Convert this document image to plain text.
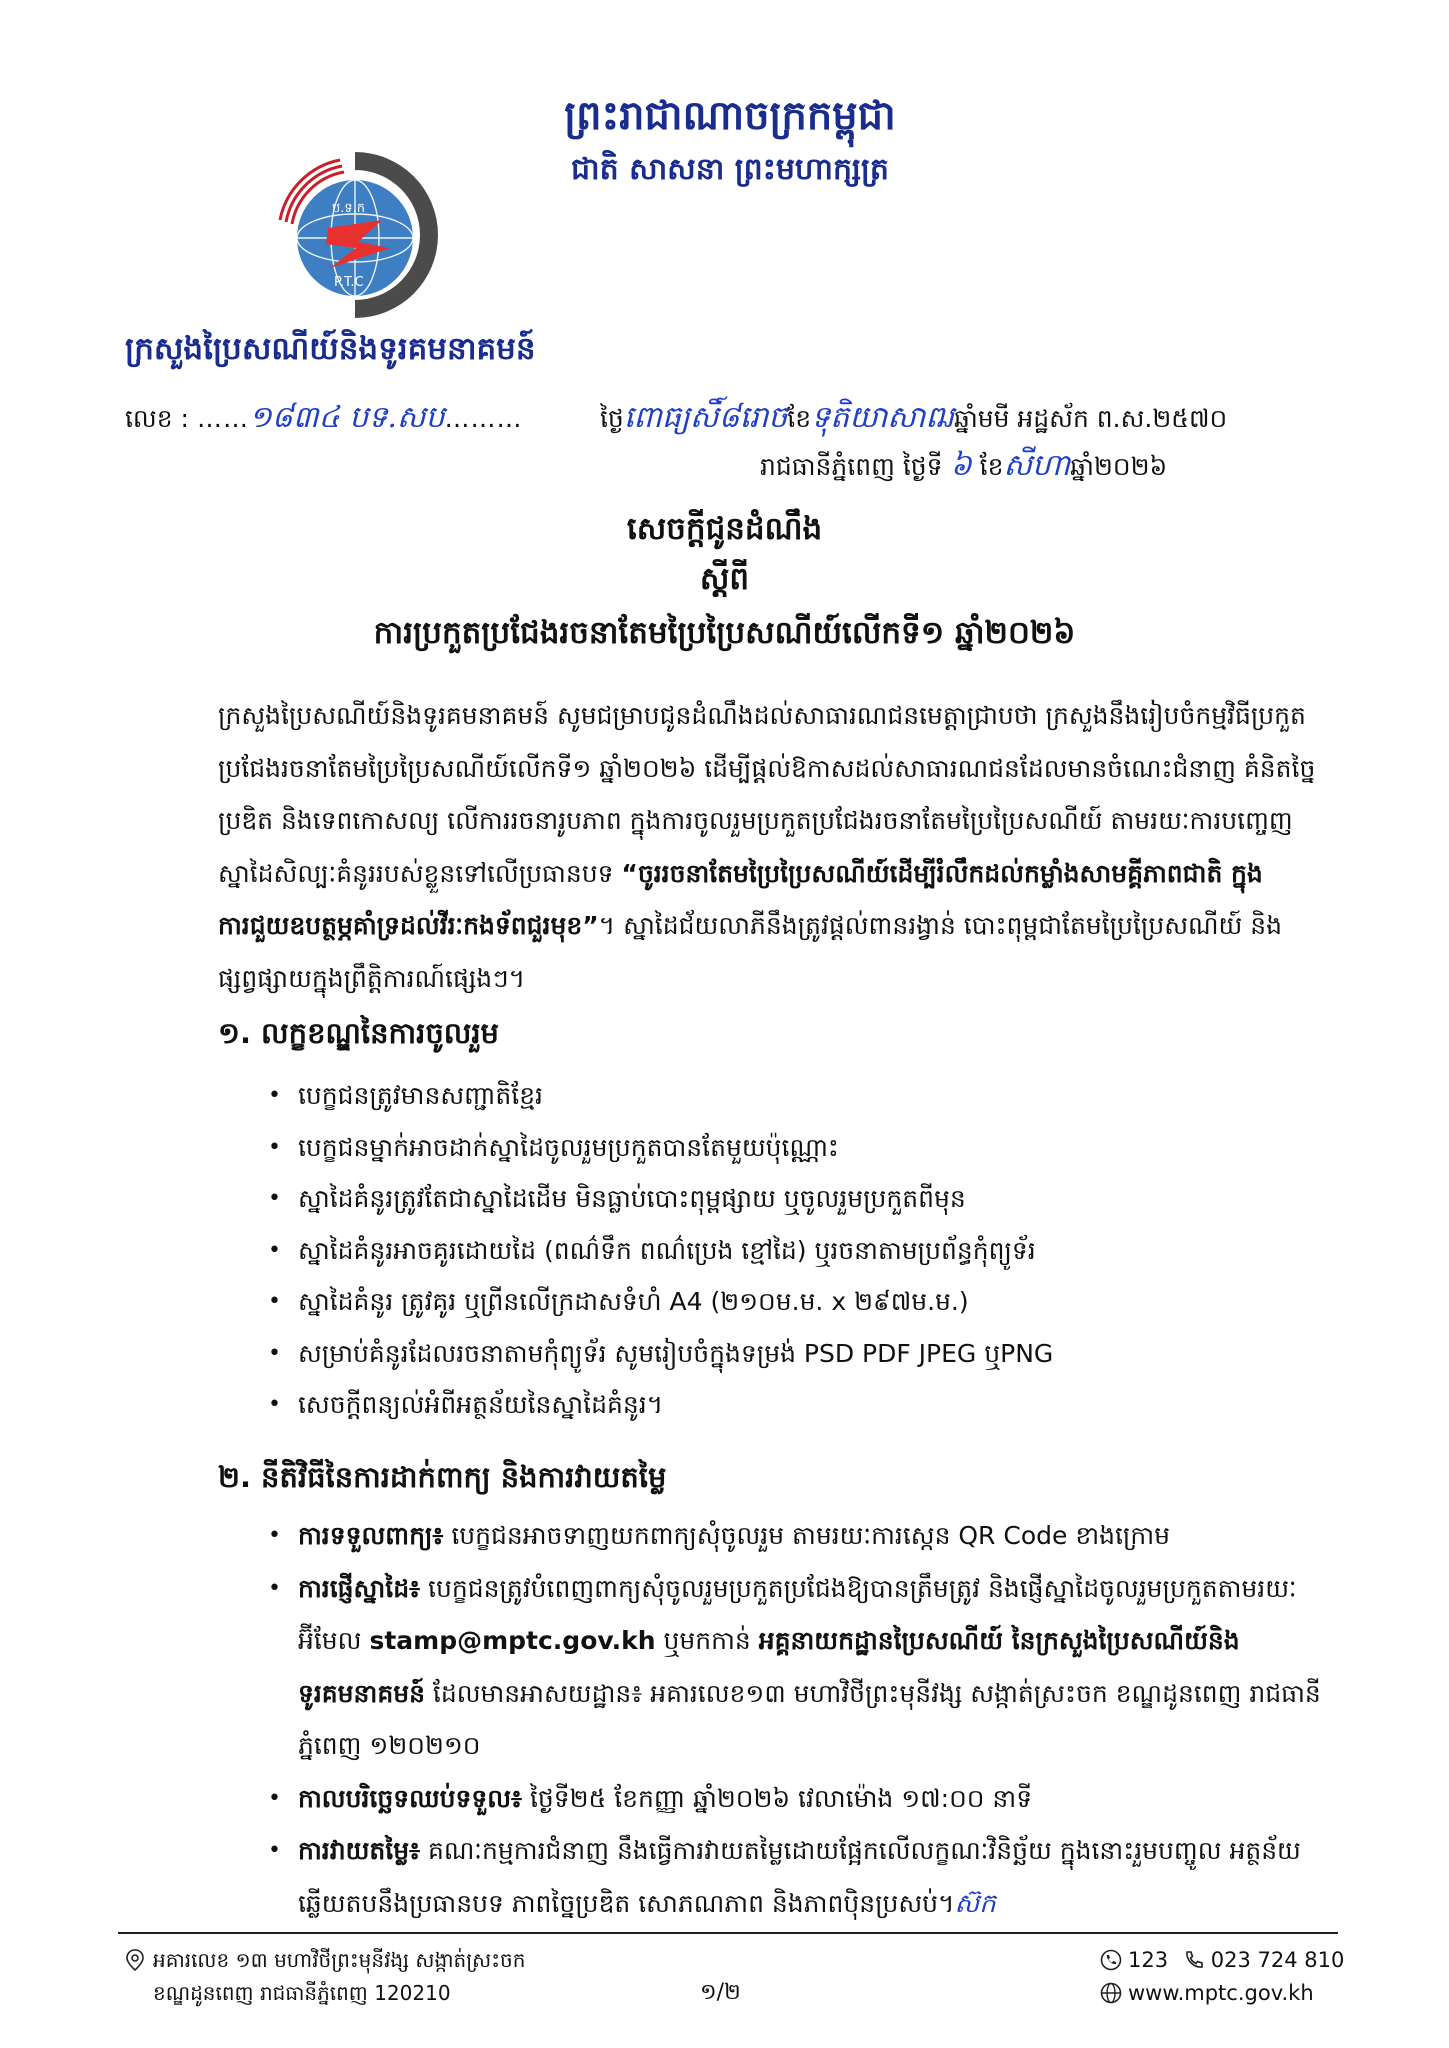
ព្រះរាជាណាចក្រកម្ពុជា
ជាតិ សាសនា ព្រះមហាក្សត្រ
ប.ទ.ក
P.T.C
ក្រសួងប្រៃសណីយ៍និងទូរគមនាគមន៍
លេខ : ……១៨៣៤ បទ.សប………	ថ្ងៃពោធ្យសិ៍៨រោចខែទុតិយាសាឍឆ្នាំមមី អដ្ឋស័ក ព.ស.២៥៧០
រាជធានីភ្នំពេញ ថ្ងៃទី ៦ ខែសីហាឆ្នាំ២០២៦
សេចក្តីជូនដំណឹង
ស្តីពី
ការប្រកួតប្រជែងរចនាតែមប្រៃប្រៃសណីយ៍លើកទី១ ឆ្នាំ២០២៦
ក្រសួងប្រៃសណីយ៍និងទូរគមនាគមន៍ សូមជម្រាបជូនដំណឹងដល់សាធារណជនមេត្តាជ្រាបថា ក្រសួងនឹងរៀបចំកម្មវិធីប្រកួតប្រជែងរចនាតែមប្រៃប្រៃសណីយ៍លើកទី១ ឆ្នាំ២០២៦ ដើម្បីផ្តល់ឱកាសដល់សាធារណជនដែលមានចំណេះជំនាញ គំនិតច្នៃប្រឌិត និងទេពកោសល្យ លើការរចនារូបភាព ក្នុងការចូលរួមប្រកួតប្រជែងរចនាតែមប្រៃប្រៃសណីយ៍ តាមរយៈការបញ្ចេញស្នាដៃសិល្បៈគំនូររបស់ខ្លួនទៅលើប្រធានបទ “ចូររចនាតែមប្រៃប្រៃសណីយ៍ដើម្បីរំលឹកដល់កម្លាំងសាមគ្គីភាពជាតិ ក្នុងការជួយឧបត្ថម្ភគាំទ្រដល់វីរៈកងទ័ពជួរមុខ”។ ស្នាដៃជ័យលាភីនឹងត្រូវផ្តល់ពានរង្វាន់ បោះពុម្ពជាតែមប្រៃប្រៃសណីយ៍ និងផ្សព្វផ្សាយក្នុងព្រឹត្តិការណ៍ផ្សេងៗ។
១. លក្ខខណ្ឌនៃការចូលរួម
• បេក្ខជនត្រូវមានសញ្ជាតិខ្មែរ
• បេក្ខជនម្នាក់អាចដាក់ស្នាដៃចូលរួមប្រកួតបានតែមួយប៉ុណ្ណោះ
• ស្នាដៃគំនូរត្រូវតែជាស្នាដៃដើម មិនធ្លាប់បោះពុម្ពផ្សាយ ឬចូលរួមប្រកួតពីមុន
• ស្នាដៃគំនូរអាចគូរដោយដៃ (ពណ៌ទឹក ពណ៌ប្រេង ខ្មៅដៃ) ឬរចនាតាមប្រព័ន្ធកុំព្យូទ័រ
• ស្នាដៃគំនូរ ត្រូវគូរ ឬព្រីនលើក្រដាសទំហំ A4 (២១០ម.ម. x ២៩៧ម.ម.)
• សម្រាប់គំនូរដែលរចនាតាមកុំព្យូទ័រ សូមរៀបចំក្នុងទម្រង់ PSD PDF JPEG ឬPNG
• សេចក្តីពន្យល់អំពីអត្ថន័យនៃស្នាដៃគំនូរ។
២. នីតិវិធីនៃការដាក់ពាក្យ និងការវាយតម្លៃ
• ការទទួលពាក្យ៖ បេក្ខជនអាចទាញយកពាក្យសុំចូលរួម តាមរយៈការស្កេន QR Code ខាងក្រោម
• ការផ្ញើស្នាដៃ៖ បេក្ខជនត្រូវបំពេញពាក្យសុំចូលរួមប្រកួតប្រជែងឱ្យបានត្រឹមត្រូវ និងផ្ញើស្នាដៃចូលរួមប្រកួតតាមរយៈអ៊ីមែល stamp@mptc.gov.kh ឬមកកាន់ អគ្គនាយកដ្ឋានប្រៃសណីយ៍ នៃក្រសួងប្រៃសណីយ៍និងទូរគមនាគមន៍ ដែលមានអាសយដ្ឋាន៖ អគារលេខ១៣ មហាវិថីព្រះមុនីវង្ស សង្កាត់ស្រះចក ខណ្ឌដូនពេញ រាជធានីភ្នំពេញ ១២០២១០
• កាលបរិច្ឆេទឈប់ទទួល៖ ថ្ងៃទី២៥ ខែកញ្ញា ឆ្នាំ២០២៦ វេលាម៉ោង ១៧:០០ នាទី
• ការវាយតម្លៃ៖ គណៈកម្មការជំនាញ នឹងធ្វើការវាយតម្លៃដោយផ្អែកលើលក្ខណៈវិនិច្ឆ័យ ក្នុងនោះរួមបញ្ចូល អត្ថន័យឆ្លើយតបនឹងប្រធានបទ ភាពច្នៃប្រឌិត សោភណភាព និងភាពប៉ិនប្រសប់។ស៊ក
អគារលេខ ១៣ មហាវិថីព្រះមុនីវង្ស សង្កាត់ស្រះចក
ខណ្ឌដូនពេញ រាជធានីភ្នំពេញ 120210	១/២
123 023 724 810
www.mptc.gov.kh
